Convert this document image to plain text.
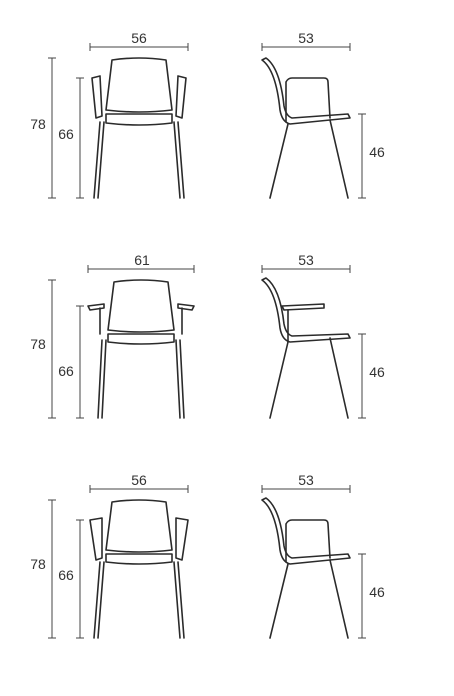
56
78
66
53
46
61
78
66
53
46
56
78
66
53
46
